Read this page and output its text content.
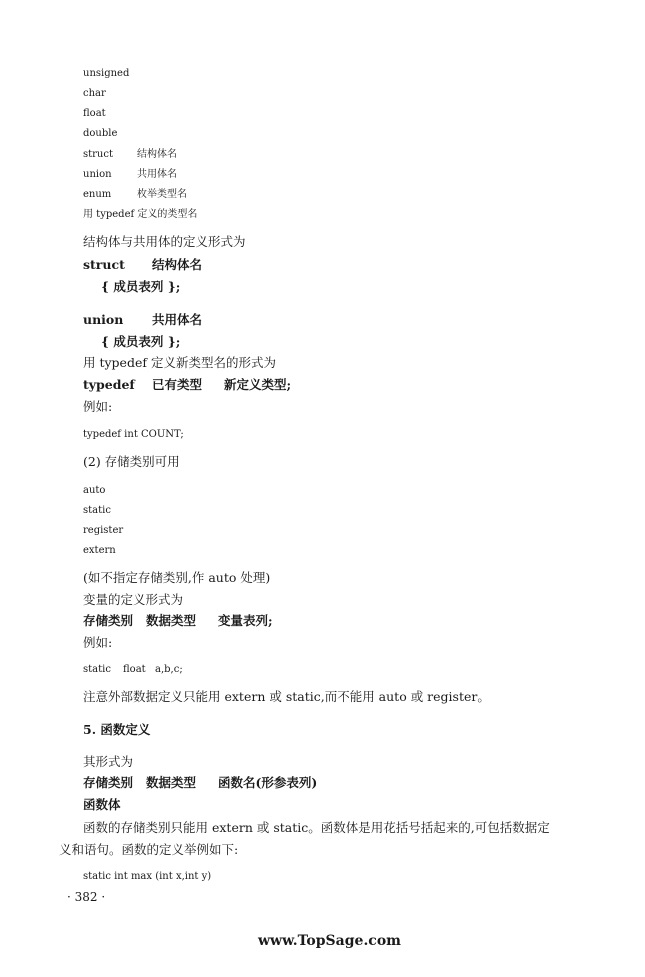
unsigned
char
float
double
struct 结构体名
union	共用体名
enum	枚举类型名
用 typedef 定义的类型名
结构体与共用体的定义形式为
struct 结构体名
{ 成员表列 };
union 共用体名
{ 成员表列 };
用 typedef 定义新类型名的形式为
typedef 已有类型 新定义类型;
例如:
typedef int COUNT;
(2) 存储类别可用
auto
static
register
extern
(如不指定存储类别,作 auto 处理)
变量的定义形式为
存储类别 数据类型 变量表列;
例如:
static float a,b,c;
注意外部数据定义只能用 extern 或 static,而不能用 auto 或 register。
5. 函数定义
其形式为
存储类别 数据类型 函数名(形参表列)
函数体
函数的存储类别只能用 extern 或 static。函数体是用花括号括起来的,可包括数据定
义和语句。函数的定义举例如下:
static int max (int x,int y)
· 382 ·
www.TopSage.com
